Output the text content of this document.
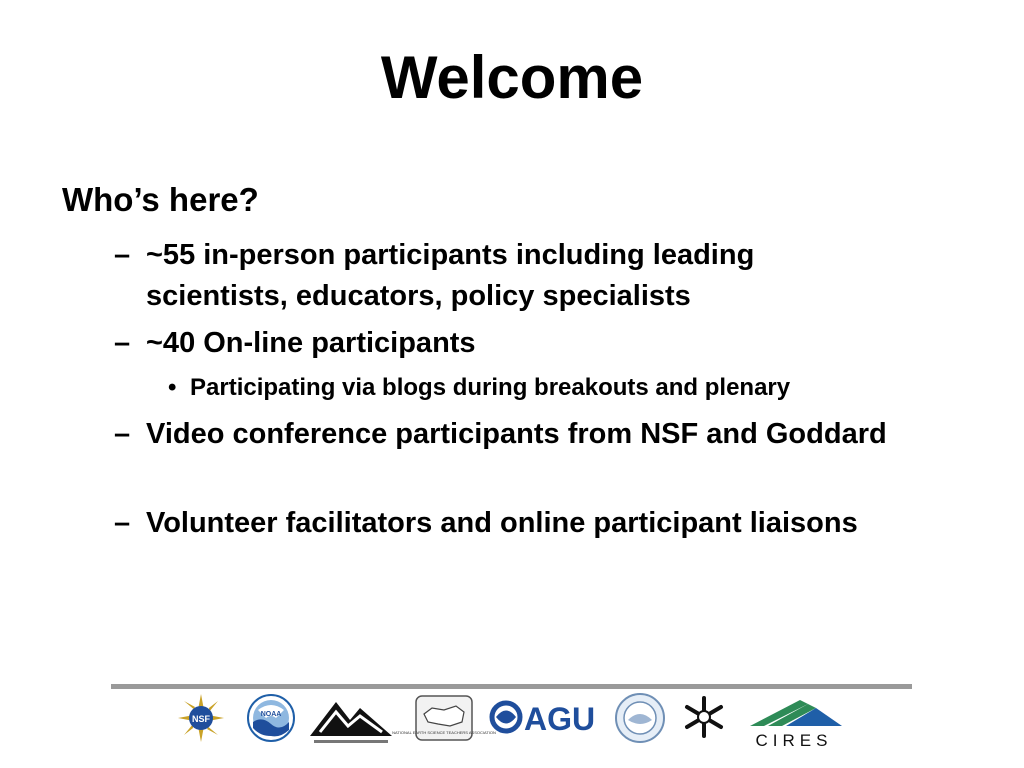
Welcome
Who’s here?
– ~55 in-person participants including leading scientists, educators, policy specialists
– ~40 On-line participants
• Participating via blogs during breakouts and plenary
– Video conference participants from NSF and Goddard
– Volunteer facilitators and online participant liaisons
NSF	NOAA
NATIONAL EARTH SCIENCE TEACHERS ASSOCIATION AGU
CIRES
